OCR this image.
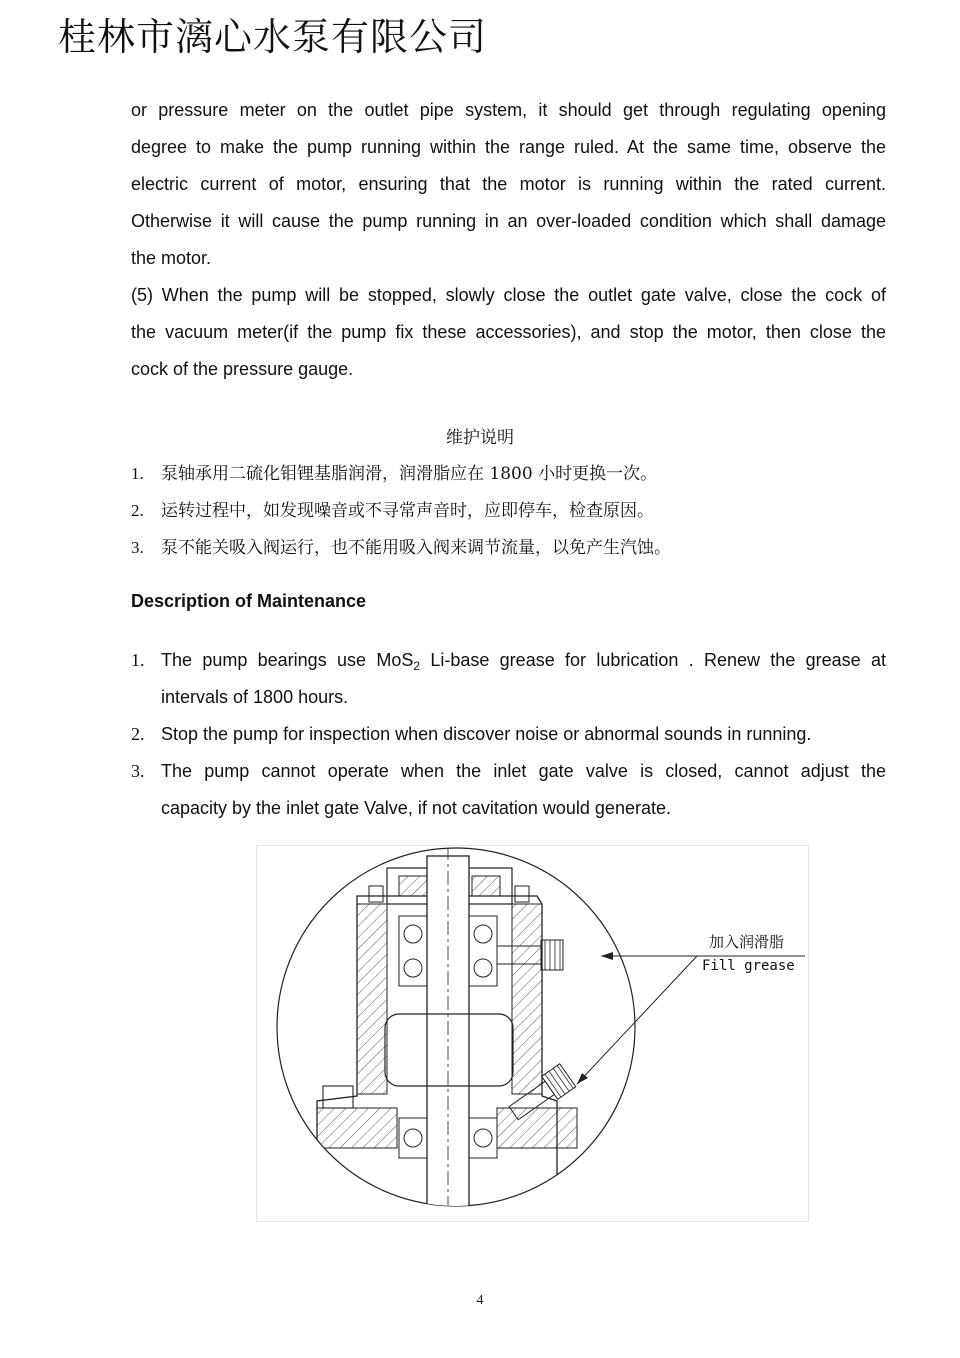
桂林市漓心水泵有限公司
or pressure meter on the outlet pipe system, it should get through regulating opening
degree to make the pump running within the range ruled. At the same time, observe the
electric current of motor, ensuring that the motor is running within the rated current.
Otherwise it will cause the pump running in an over-loaded condition which shall damage
the motor.
(5) When the pump will be stopped, slowly close the outlet gate valve, close the cock of
the vacuum meter(if the pump fix these accessories), and stop the motor, then close the
cock of the pressure gauge.
维护说明
1. 泵轴承用二硫化钼锂基脂润滑，润滑脂应在 1800 小时更换一次。
2. 运转过程中，如发现噪音或不寻常声音时，应即停车，检查原因。
3. 泵不能关吸入阀运行，也不能用吸入阀来调节流量，以免产生汽蚀。
Description of Maintenance
1. The pump bearings use MoS$_2$ Li-base grease for lubrication . Renew the grease at
intervals of 1800 hours.
2. Stop the pump for inspection when discover noise or abnormal sounds in running.
3. The pump cannot operate when the inlet gate valve is closed, cannot adjust the
capacity by the inlet gate Valve, if not cavitation would generate.
加入润滑脂
Fill grease
4
